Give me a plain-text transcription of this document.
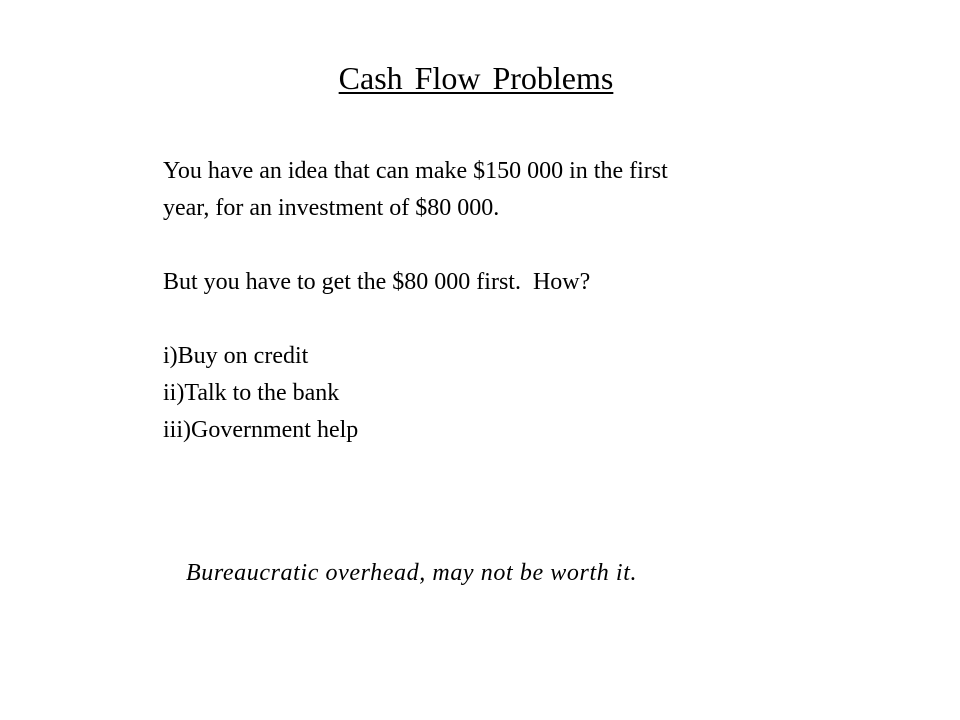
Cash Flow Problems

You have an idea that can make $150 000 in the first

year, for an investment of $80 000.

But you have to get the $80 000 first.  How?

i)Buy on credit
ii)Talk to the bank
iii)Government help
Bureaucratic overhead, may not be worth it.
